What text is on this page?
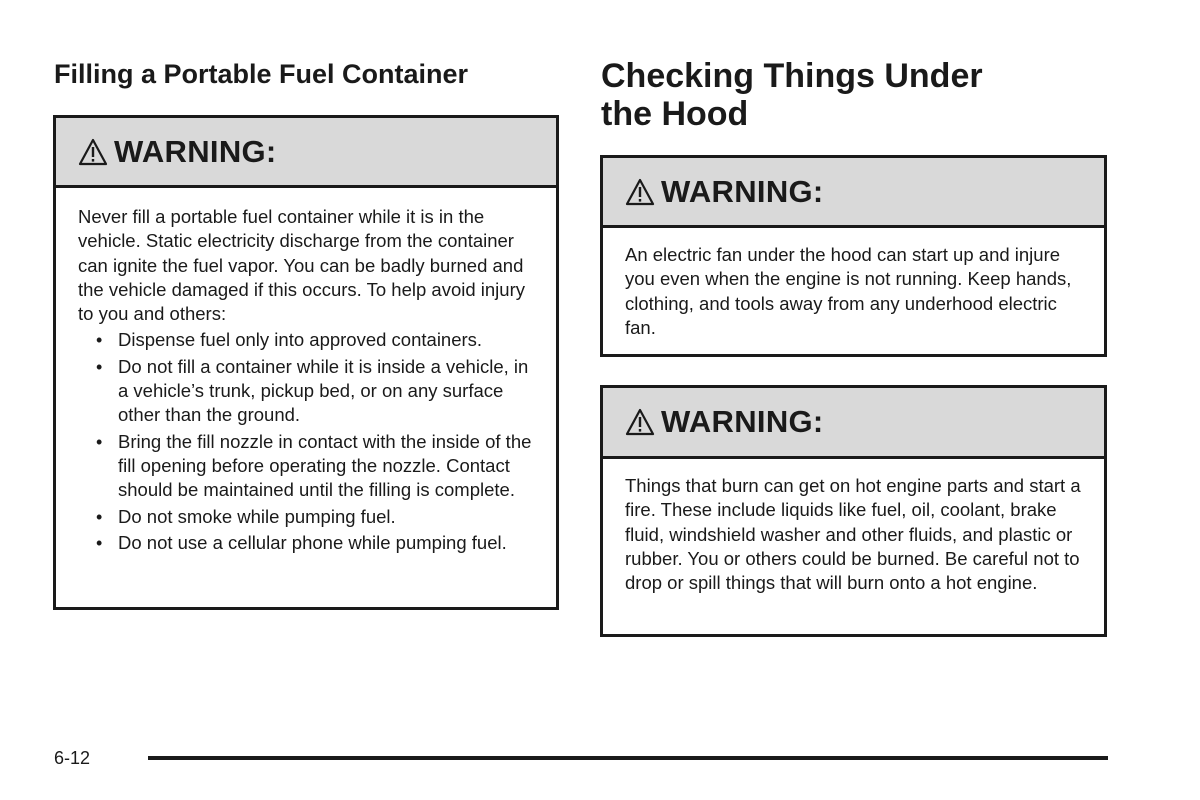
Filling a Portable Fuel Container	Checking Things Under
the Hood
WARNING:

Never fill a portable fuel container while it is in the vehicle. Static electricity discharge from the container can ignite the fuel vapor. You can be badly burned and the vehicle damaged if this occurs. To help avoid injury to you and others:

• Dispense fuel only into approved containers.
• Do not fill a container while it is inside a vehicle, in a vehicle’s trunk, pickup bed, or on any surface other than the ground.
• Bring the fill nozzle in contact with the inside of the fill opening before operating the nozzle. Contact should be maintained until the filling is complete.
• Do not smoke while pumping fuel.
• Do not use a cellular phone while pumping fuel.
WARNING:

An electric fan under the hood can start up and injure you even when the engine is not running. Keep hands, clothing, and tools away from any underhood electric fan.

WARNING:

Things that burn can get on hot engine parts and start a fire. These include liquids like fuel, oil, coolant, brake fluid, windshield washer and other fluids, and plastic or rubber. You or others could be burned. Be careful not to drop or spill things that will burn onto a hot engine.

6-12
